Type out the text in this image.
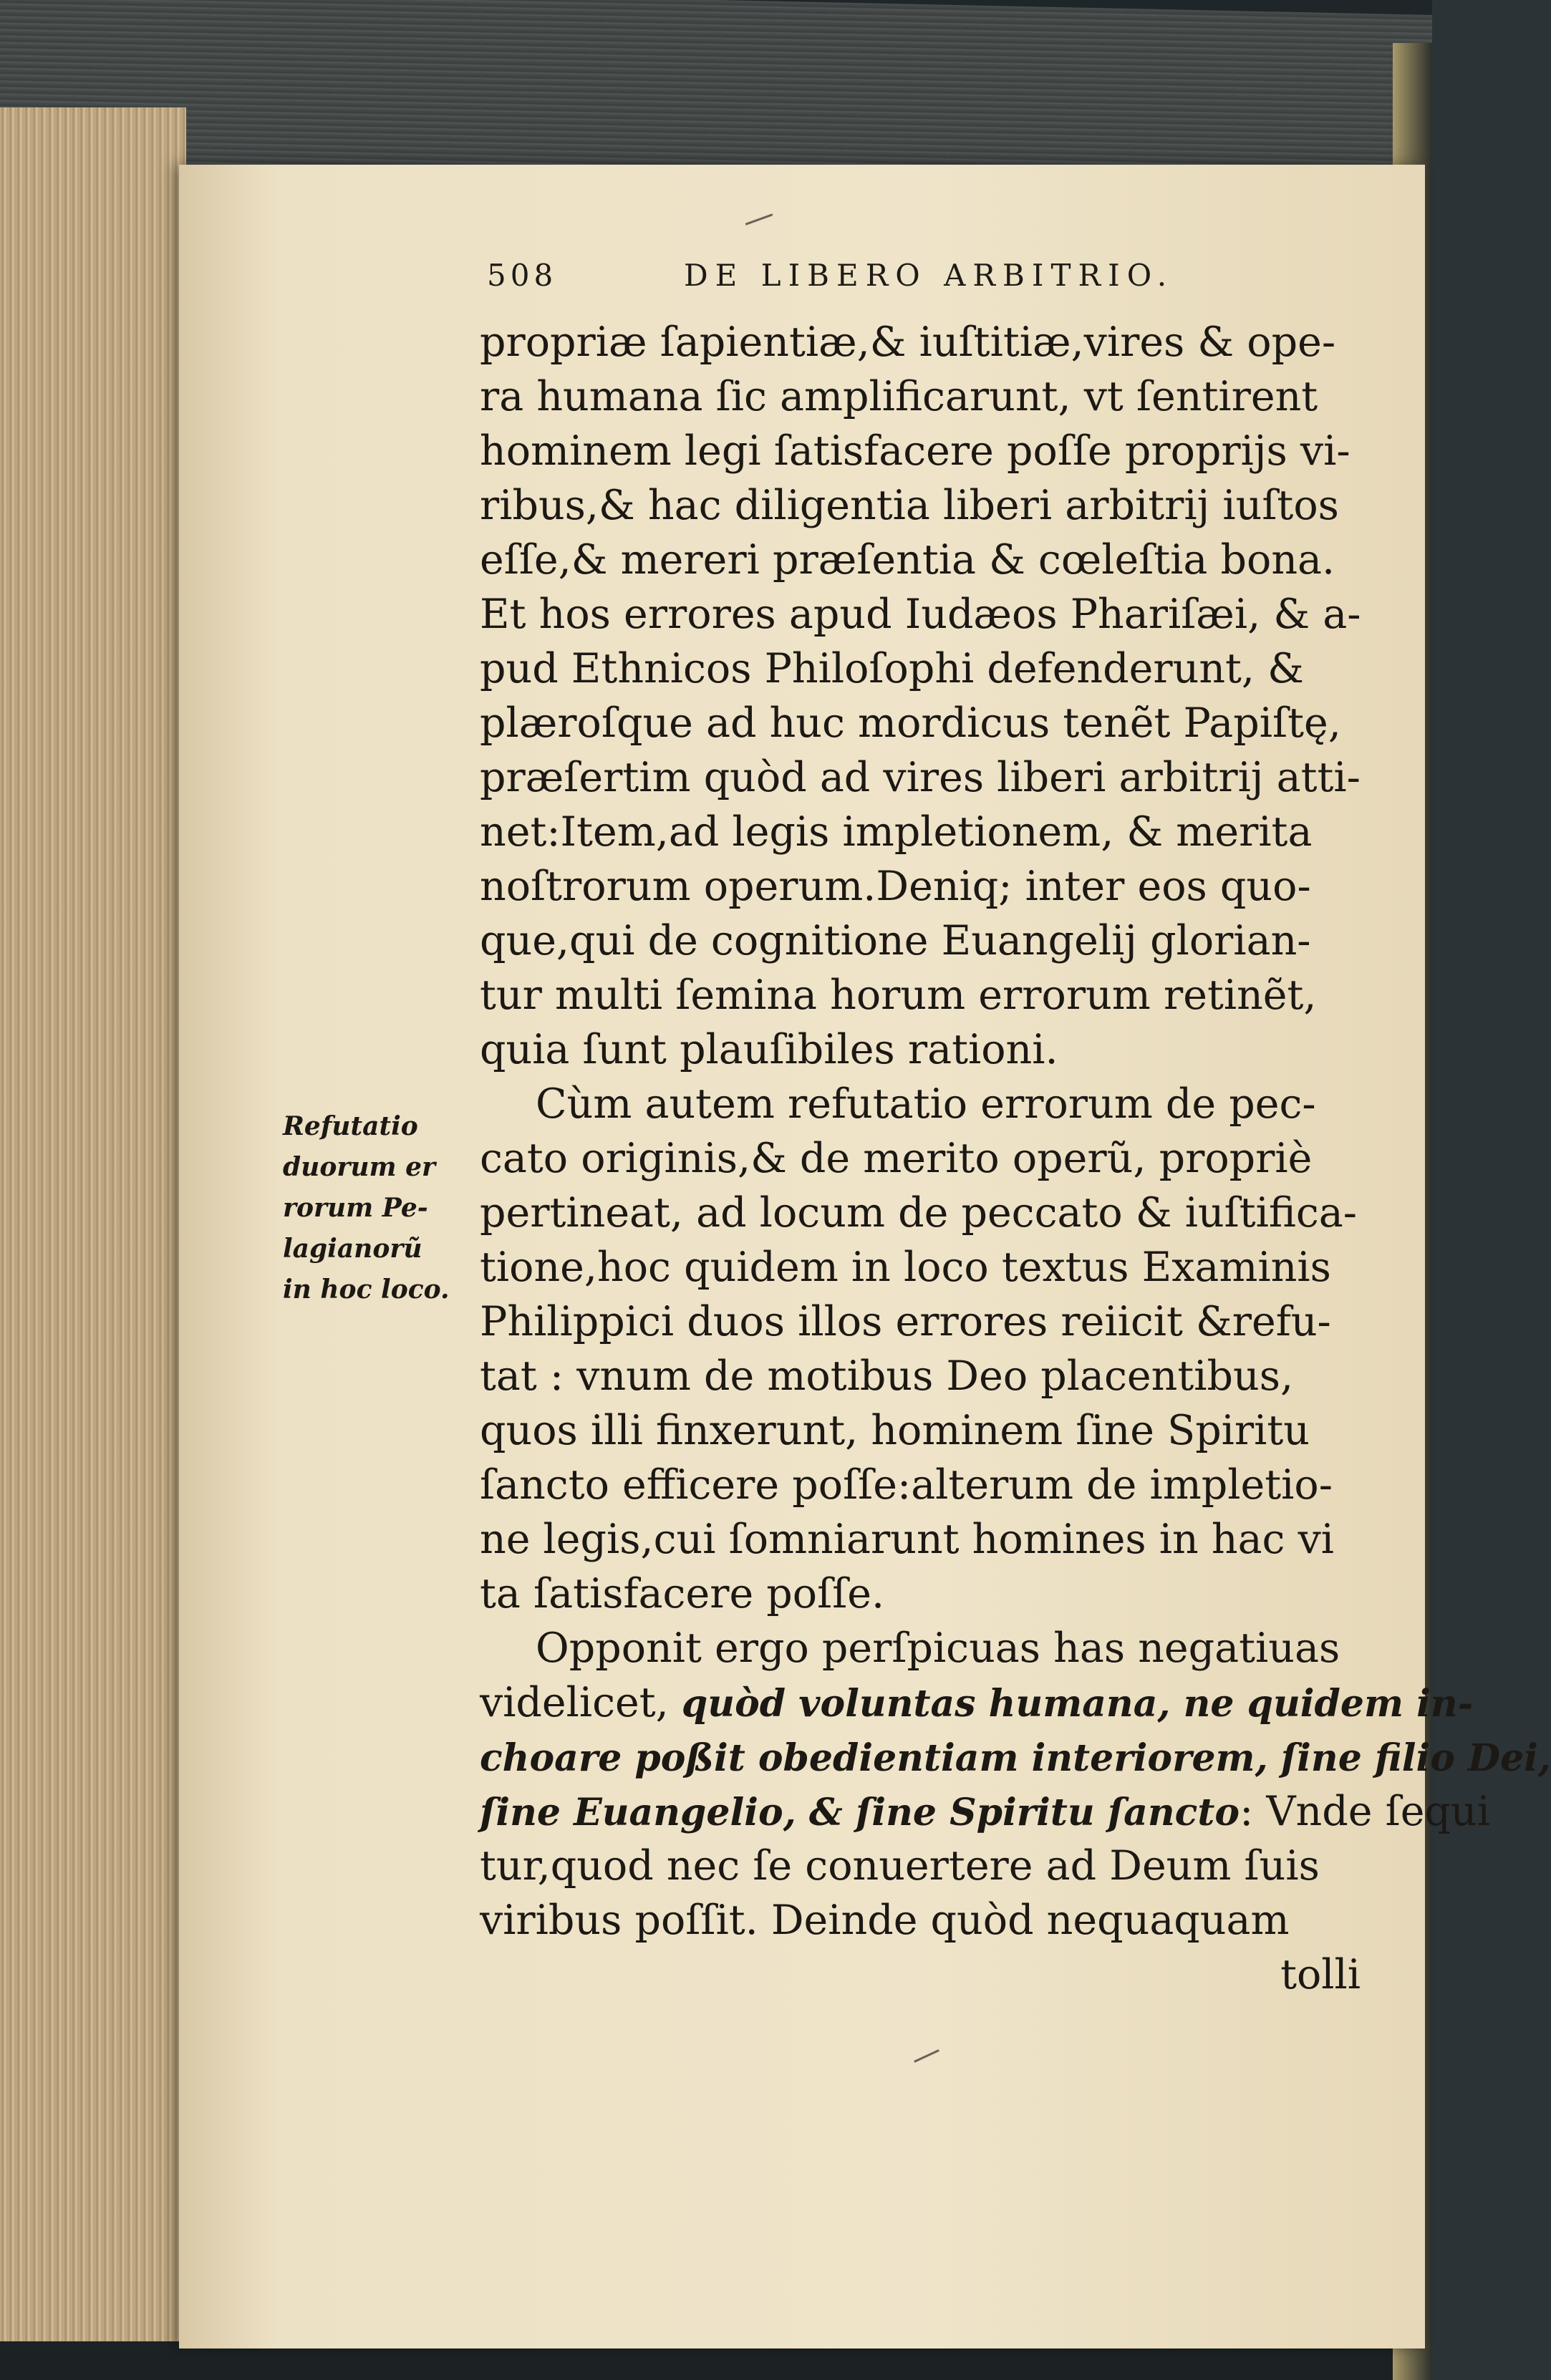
508	DE LIBERO ARBITRIO.
Refutatio
duorum er
rorum Pe-
lagianorũ
in hoc loco.
propriæ ſapientiæ,& iuſtitiæ,vires & ope-
ra humana ſic amplificarunt, vt ſentirent
hominem legi ſatisfacere poſſe proprijs vi-
ribus,& hac diligentia liberi arbitrij iuſtos
eſſe,& mereri præſentia & cœleſtia bona.
Et hos errores apud Iudæos Phariſæi, & a-
pud Ethnicos Philoſophi defenderunt, &
plæroſque ad huc mordicus tenẽt Papiſtę,
præſertim quòd ad vires liberi arbitrij atti-
net:Item,ad legis impletionem, & merita
noſtrorum operum.Deniq; inter eos quo-
que,qui de cognitione Euangelij glorian-
tur multi ſemina horum errorum retinẽt,
quia ſunt plauſibiles rationi.
Cùm autem refutatio errorum de pec-
cato originis,& de merito operũ, propriè
pertineat, ad locum de peccato & iuſtifica-
tione,hoc quidem in loco textus Examinis
Philippici duos illos errores reiicit &refu-
tat : vnum de motibus Deo placentibus,
quos illi finxerunt, hominem ſine Spiritu
ſancto efficere poſſe:alterum de impletio-
ne legis,cui ſomniarunt homines in hac vi
ta ſatisfacere poſſe.
Opponit ergo perſpicuas has negatiuas
videlicet, quòd voluntas humana, ne quidem in-
choare poßit obedientiam interiorem, ſine filio Dei,
ſine Euangelio, & ſine Spiritu ſancto: Vnde ſequi
tur,quod nec ſe conuertere ad Deum ſuis
viribus poſſit. Deinde quòd nequaquam
tolli
